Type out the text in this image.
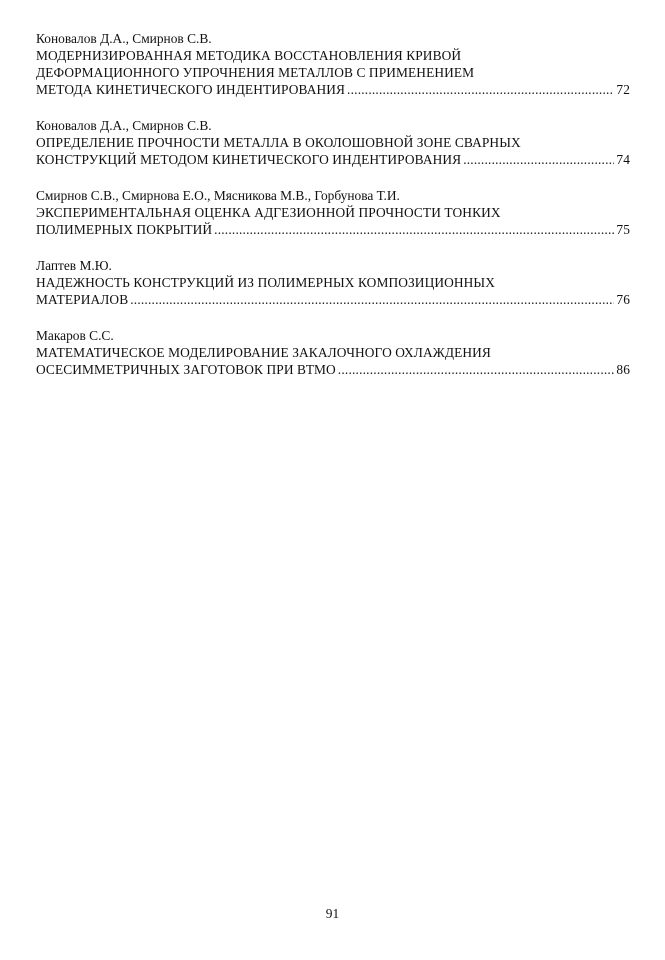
Коновалов Д.А., Смирнов С.В.
МОДЕРНИЗИРОВАННАЯ МЕТОДИКА ВОССТАНОВЛЕНИЯ КРИВОЙ
ДЕФОРМАЦИОННОГО УПРОЧНЕНИЯ МЕТАЛЛОВ С ПРИМЕНЕНИЕМ
МЕТОДА КИНЕТИЧЕСКОГО ИНДЕНТИРОВАНИЯ .....	72
Коновалов Д.А., Смирнов С.В.
ОПРЕДЕЛЕНИЕ ПРОЧНОСТИ МЕТАЛЛА В ОКОЛОШОВНОЙ ЗОНЕ СВАРНЫХ
КОНСТРУКЦИЙ МЕТОДОМ КИНЕТИЧЕСКОГО ИНДЕНТИРОВАНИЯ .....	74
Смирнов С.В., Смирнова Е.О., Мясникова М.В., Горбунова Т.И.
ЭКСПЕРИМЕНТАЛЬНАЯ ОЦЕНКА АДГЕЗИОННОЙ ПРОЧНОСТИ ТОНКИХ
ПОЛИМЕРНЫХ ПОКРЫТИЙ .....	75
Лаптев М.Ю.
НАДЕЖНОСТЬ КОНСТРУКЦИЙ ИЗ ПОЛИМЕРНЫХ КОМПОЗИЦИОННЫХ
МАТЕРИАЛОВ .....	76
Макаров С.С.
МАТЕМАТИЧЕСКОЕ МОДЕЛИРОВАНИЕ ЗАКАЛОЧНОГО ОХЛАЖДЕНИЯ
ОСЕСИММЕТРИЧНЫХ ЗАГОТОВОК ПРИ ВТМО .....	86
91
